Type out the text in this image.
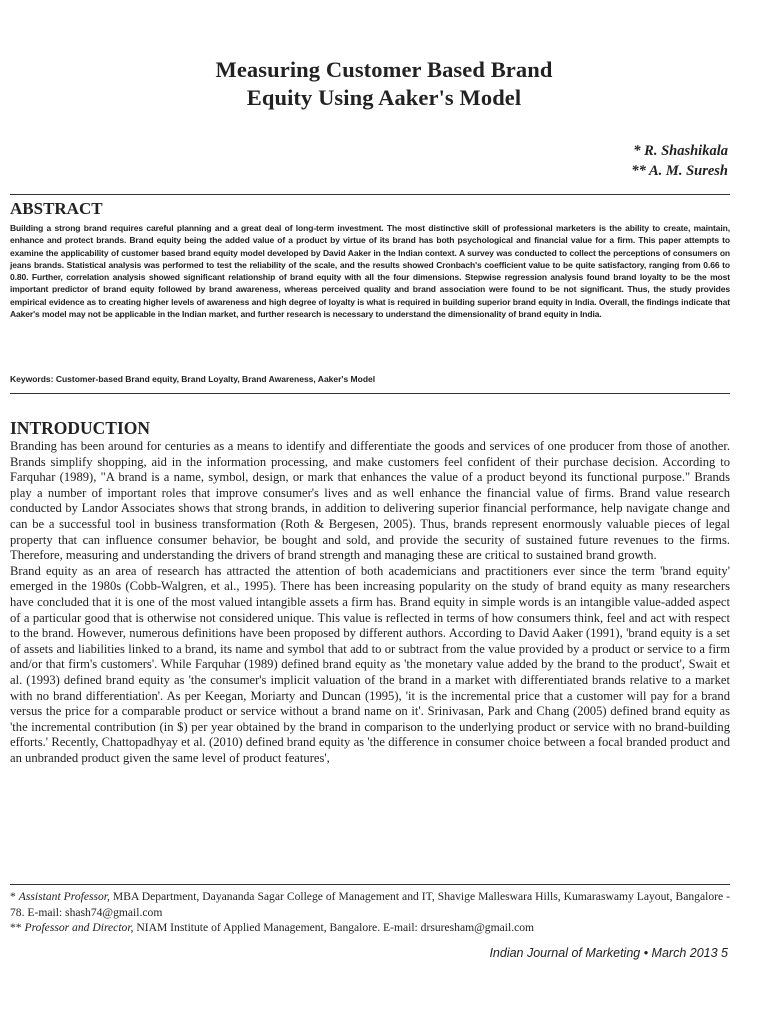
Measuring Customer Based Brand
Equity Using Aaker's Model
* R. Shashikala
** A. M. Suresh
ABSTRACT
Building a strong brand requires careful planning and a great deal of long-term investment. The most distinctive skill of professional marketers is the ability to create, maintain, enhance and protect brands. Brand equity being the added value of a product by virtue of its brand has both psychological and financial value for a firm. This paper attempts to examine the applicability of customer based brand equity model developed by David Aaker in the Indian context. A survey was conducted to collect the perceptions of consumers on jeans brands. Statistical analysis was performed to test the reliability of the scale, and the results showed Cronbach's coefficient value to be quite satisfactory, ranging from 0.66 to 0.80. Further, correlation analysis showed significant relationship of brand equity with all the four dimensions. Stepwise regression analysis found brand loyalty to be the most important predictor of brand equity followed by brand awareness, whereas perceived quality and brand association were found to be not significant. Thus, the study provides empirical evidence as to creating higher levels of awareness and high degree of loyalty is what is required in building superior brand equity in India. Overall, the findings indicate that Aaker's model may not be applicable in the Indian market, and further research is necessary to understand the dimensionality of brand equity in India.
Keywords: Customer-based Brand equity, Brand Loyalty, Brand Awareness, Aaker's Model
INTRODUCTION

Branding has been around for centuries as a means to identify and differentiate the goods and services of one producer from those of another. Brands simplify shopping, aid in the information processing, and make customers feel confident of their purchase decision. According to Farquhar (1989), "A brand is a name, symbol, design, or mark that enhances the value of a product beyond its functional purpose." Brands play a number of important roles that improve consumer's lives and as well enhance the financial value of firms. Brand value research conducted by Landor Associates shows that strong brands, in addition to delivering superior financial performance, help navigate change and can be a successful tool in business transformation (Roth & Bergesen, 2005). Thus, brands represent enormously valuable pieces of legal property that can influence consumer behavior, be bought and sold, and provide the security of sustained future revenues to the firms. Therefore, measuring and understanding the drivers of brand strength and managing these are critical to sustained brand growth.

Brand equity as an area of research has attracted the attention of both academicians and practitioners ever since the term 'brand equity' emerged in the 1980s (Cobb-Walgren, et al., 1995). There has been increasing popularity on the study of brand equity as many researchers have concluded that it is one of the most valued intangible assets a firm has. Brand equity in simple words is an intangible value-added aspect of a particular good that is otherwise not considered unique. This value is reflected in terms of how consumers think, feel and act with respect to the brand. However, numerous definitions have been proposed by different authors. According to David Aaker (1991), 'brand equity is a set of assets and liabilities linked to a brand, its name and symbol that add to or subtract from the value provided by a product or service to a firm and/or that firm's customers'. While Farquhar (1989) defined brand equity as 'the monetary value added by the brand to the product', Swait et al. (1993) defined brand equity as 'the consumer's implicit valuation of the brand in a market with differentiated brands relative to a market with no brand differentiation'. As per Keegan, Moriarty and Duncan (1995), 'it is the incremental price that a customer will pay for a brand versus the price for a comparable product or service without a brand name on it'. Srinivasan, Park and Chang (2005) defined brand equity as 'the incremental contribution (in $) per year obtained by the brand in comparison to the underlying product or service with no brand-building efforts.' Recently, Chattopadhyay et al. (2010) defined brand equity as 'the difference in consumer choice between a focal branded product and an unbranded product given the same level of product features',

* Assistant Professor, MBA Department, Dayananda Sagar College of Management and IT, Shavige Malleswara Hills, Kumaraswamy Layout, Bangalore - 78. E-mail: shash74@gmail.com

** Professor and Director, NIAM Institute of Applied Management, Bangalore. E-mail: drsuresham@gmail.com

Indian Journal of Marketing • March 2013 5
